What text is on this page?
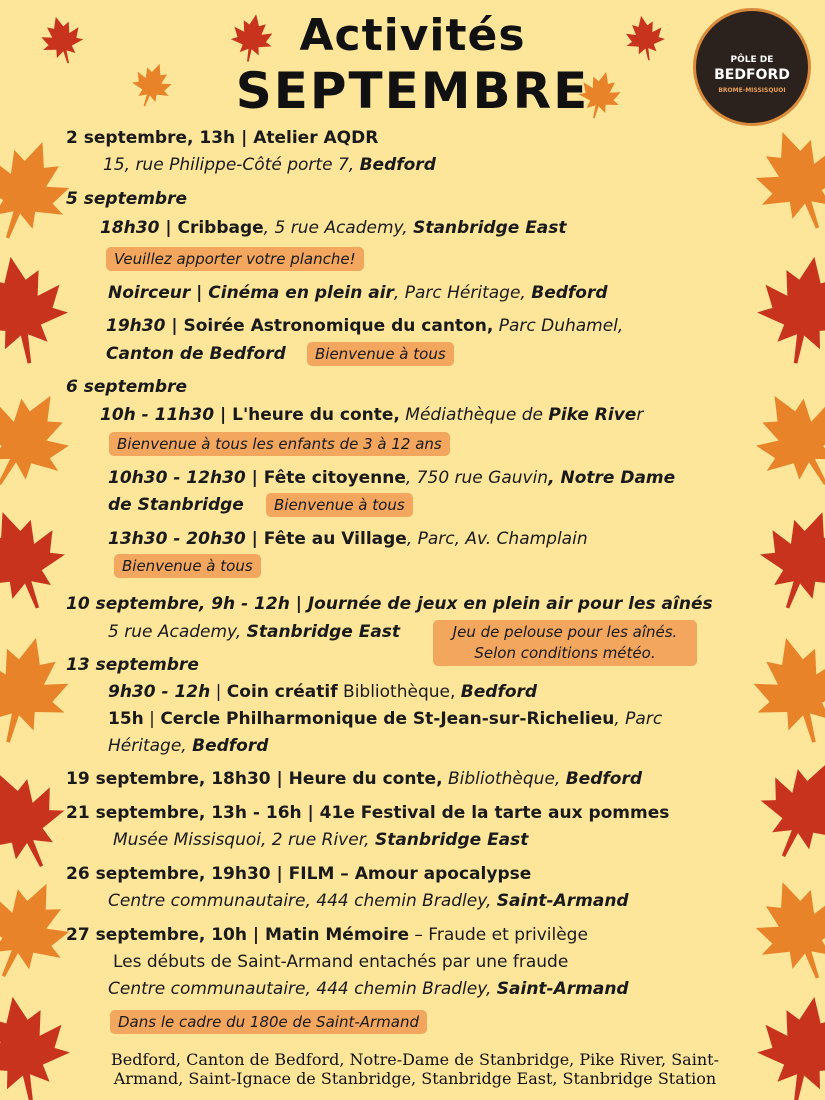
Activités
SEPTEMBRE
PÔLE DE
BEDFORD
BROME-MISSISQUOI
2 septembre, 13h | Atelier AQDR
15, rue Philippe-Côté porte 7, Bedford
5 septembre
18h30 | Cribbage, 5 rue Academy, Stanbridge East
Veuillez apporter votre planche!
Noirceur | Cinéma en plein air, Parc Héritage, Bedford
19h30 | Soirée Astronomique du canton, Parc Duhamel,
Canton de Bedford	Bienvenue à tous
6 septembre
10h - 11h30 | L'heure du conte, Médiathèque de Pike River
Bienvenue à tous les enfants de 3 à 12 ans
10h30 - 12h30 | Fête citoyenne, 750 rue Gauvin, Notre Dame
de Stanbridge	Bienvenue à tous
13h30 - 20h30 | Fête au Village, Parc, Av. Champlain
Bienvenue à tous
10 septembre, 9h - 12h | Journée de jeux en plein air pour les aînés
5 rue Academy, Stanbridge East	Jeu de pelouse pour les aînés.
Selon conditions météo.
13 septembre
9h30 - 12h | Coin créatif Bibliothèque, Bedford
15h | Cercle Philharmonique de St-Jean-sur-Richelieu, Parc
Héritage, Bedford
19 septembre, 18h30 | Heure du conte, Bibliothèque, Bedford
21 septembre, 13h - 16h | 41e Festival de la tarte aux pommes
Musée Missisquoi, 2 rue River, Stanbridge East
26 septembre, 19h30 | FILM – Amour apocalypse
Centre communautaire, 444 chemin Bradley, Saint-Armand
27 septembre, 10h | Matin Mémoire – Fraude et privilège
Les débuts de Saint-Armand entachés par une fraude
Centre communautaire, 444 chemin Bradley, Saint-Armand
Dans le cadre du 180e de Saint-Armand
Bedford, Canton de Bedford, Notre-Dame de Stanbridge, Pike River, Saint-
Armand, Saint-Ignace de Stanbridge, Stanbridge East, Stanbridge Station
